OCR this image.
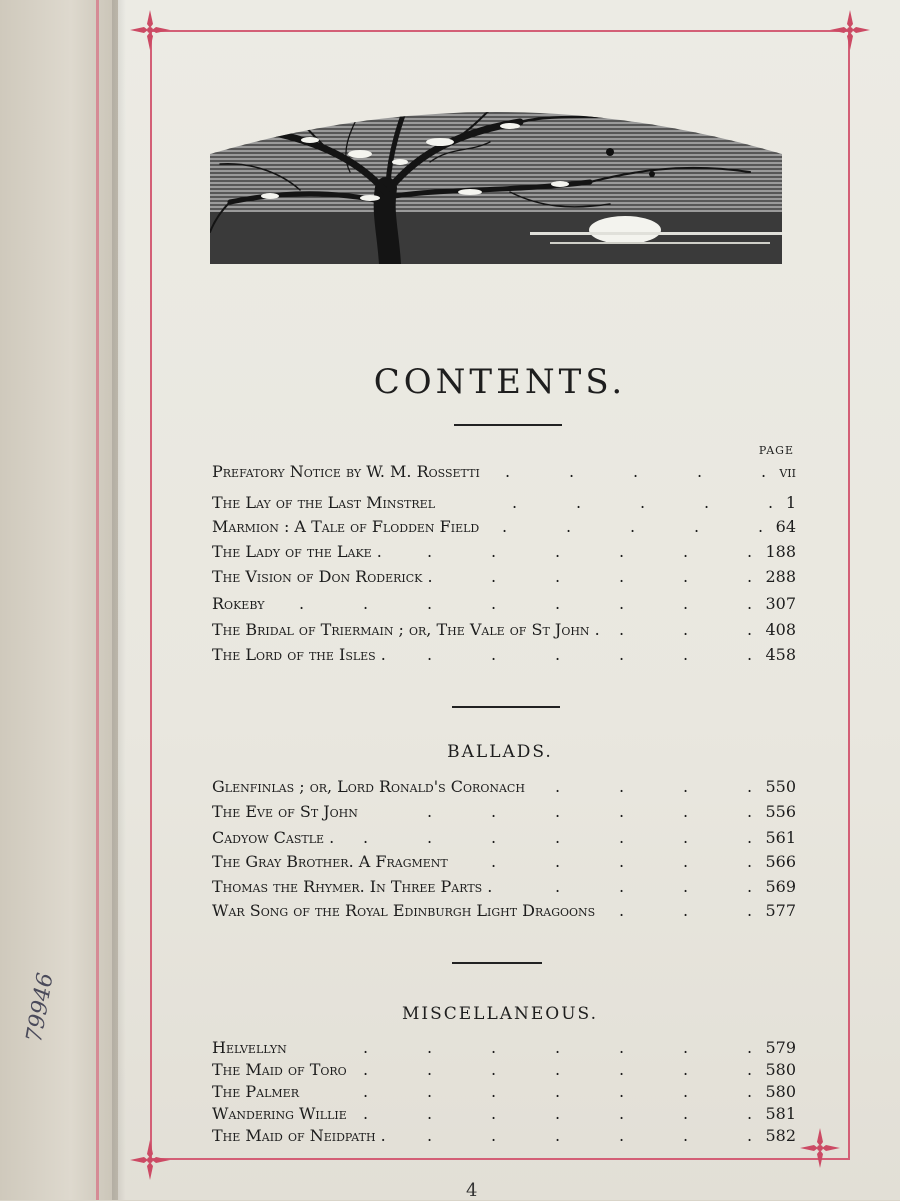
79946
CONTENTS.
PAGE
Prefatory Notice by W. M. Rossetti	vii
.
.
.
.
.
The Lay of the Last Minstrel	1
.
.
.
.
.
Marmion : A Tale of Flodden Field	64
.
.
.
.
.
The Lady of the Lake .	188
.
.
.
.
.
.
The Vision of Don Roderick .	288
.
.
.
.
.
Rokeby	307
.
.
.
.
.
.
.
.
The Bridal of Triermain ; or, The Vale of St John .	408
.
.
.
The Lord of the Isles .	458
.
.
.
.
.
.
BALLADS.
Glenfinlas ; or, Lord Ronald's Coronach	550
.
.
.
.
The Eve of St John	556
.
.
.
.
.
.
Cadyow Castle .	561
.
.
.
.
.
.
.
The Gray Brother. A Fragment	566
.
.
.
.
.
Thomas the Rhymer. In Three Parts .	569
.
.
.
.
War Song of the Royal Edinburgh Light Dragoons	577
.
.
.
MISCELLANEOUS.
Helvellyn	579
.
.
.
.
.
.
.
The Maid of Toro	580
.
.
.
.
.
.
.
The Palmer	580
.
.
.
.
.
.
.
Wandering Willie	581
.
.
.
.
.
.
.
The Maid of Neidpath .	582
.
.
.
.
.
.
4
